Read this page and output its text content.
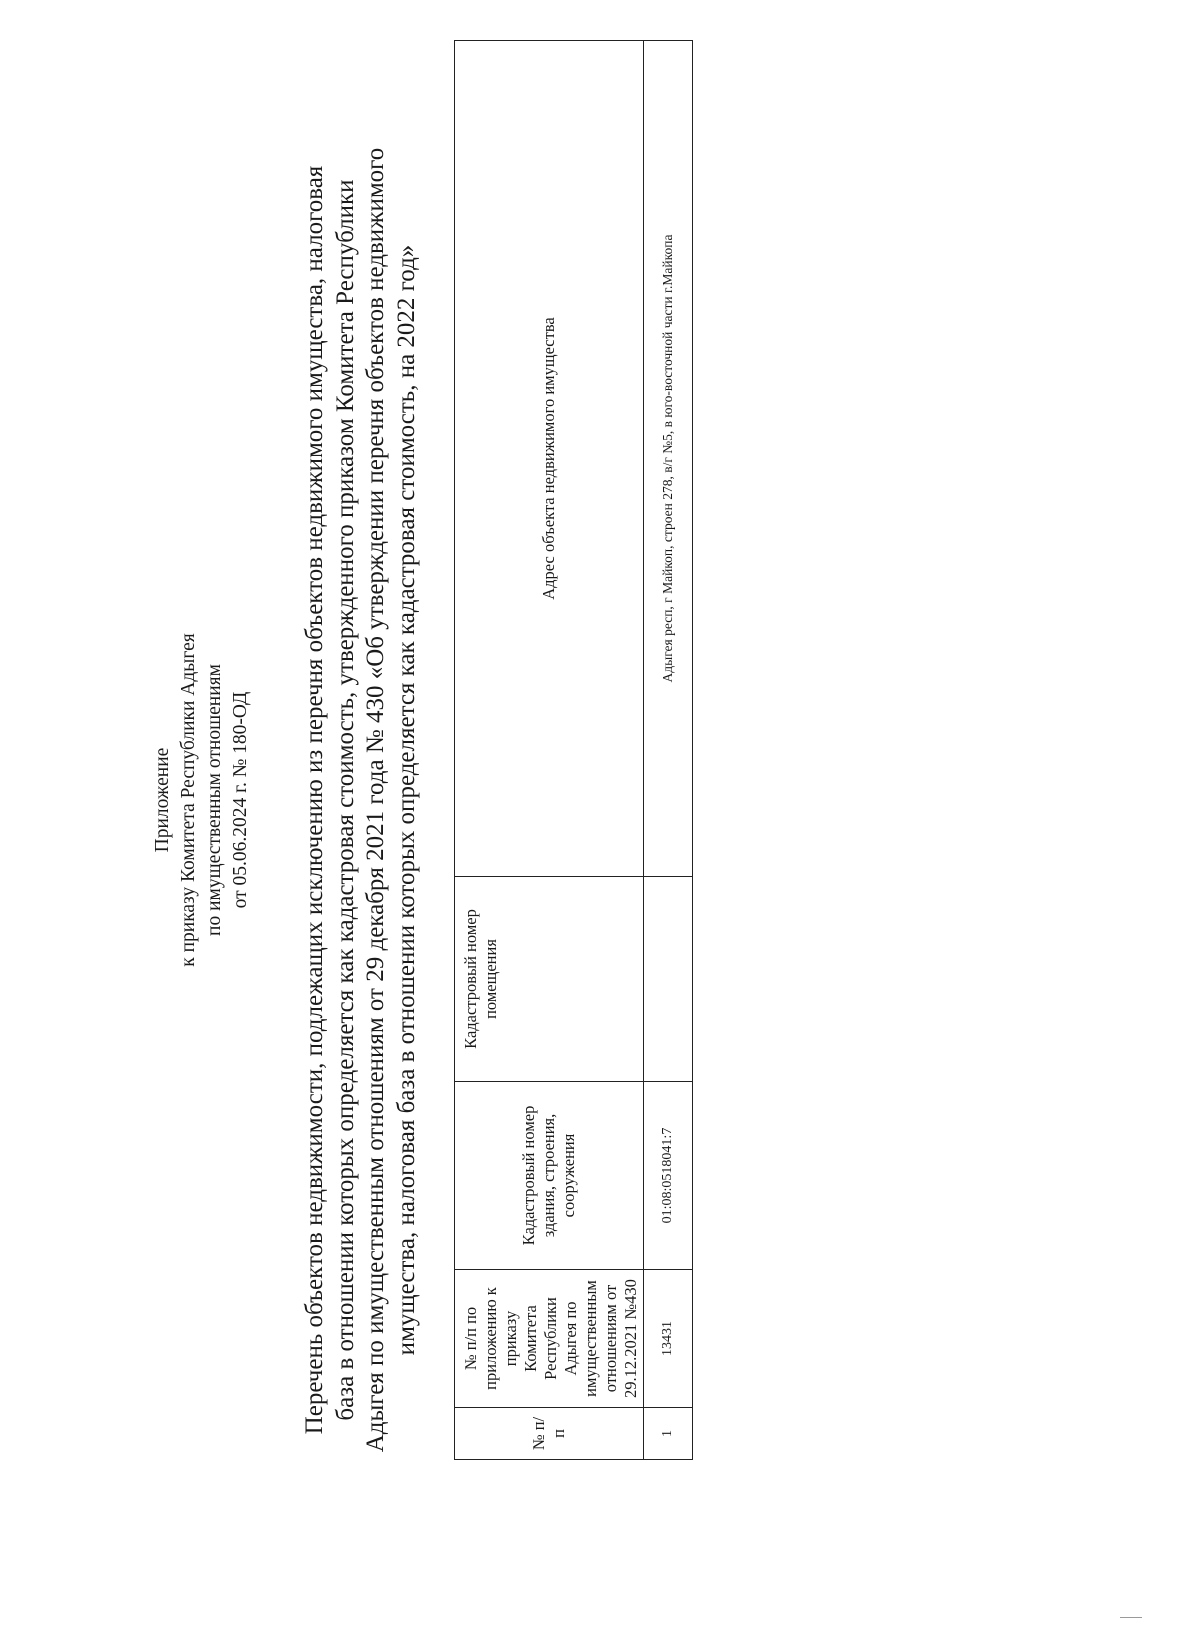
Приложение к приказу Комитета Республики Адыгея по имущественным отношениям от 05.06.2024 г. № 180-ОД Перечень объектов недвижимости, подлежащих исключению из перечня объектов недвижимого имущества, налоговая база в отношении которых определяется как кадастровая стоимость, утвержденного приказом Комитета Республики Адыгея по имущественным отношениям от 29 декабря 2021 года № 430 «Об утверждении перечня объектов недвижимого имущества, налоговая база в отношении которых определяется как кадастровая стоимость, на 2022 год»
№ п/п	№ п/п по приложению к приказу Комитета Республики Адыгея по имущественным отношениям от 29.12.2021 №430	Кадастровый номер здания, строения, сооружения	Кадастровый номер помещения	Адрес объекта недвижимого имущества
1	13431	01:08:0518041:7		Адыгея респ, г Майкоп, строен 278, в/г №5, в юго-восточной части г.Майкопа
